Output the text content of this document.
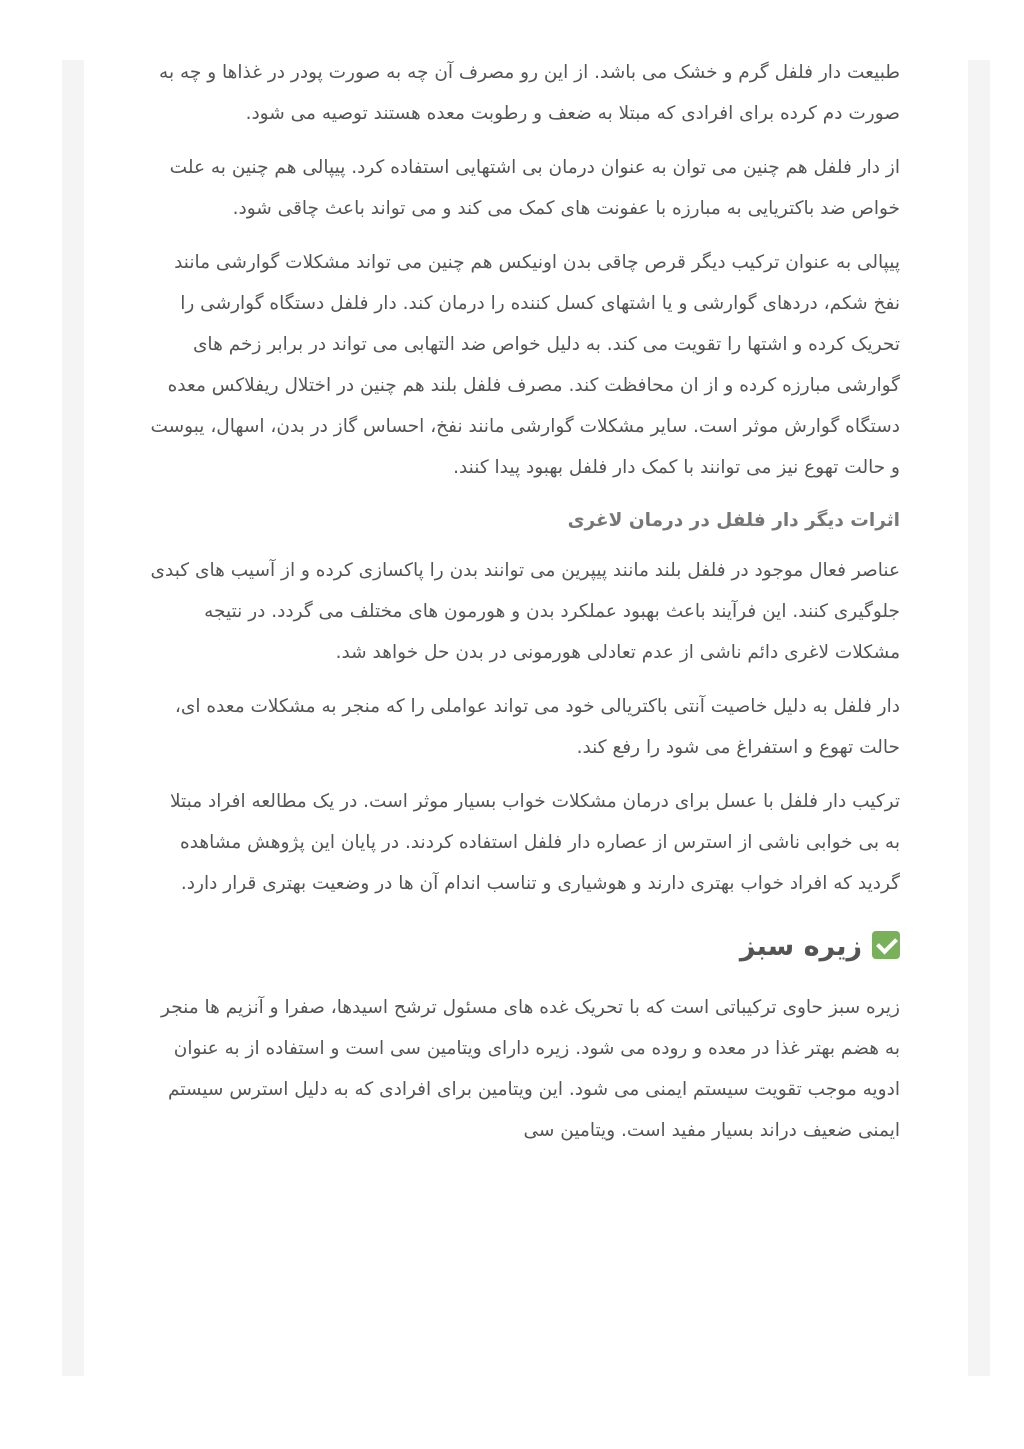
طبیعت دار فلفل گرم و خشک می باشد. از این رو مصرف آن چه به صورت پودر در غذاها و چه به صورت دم کرده برای افرادی که مبتلا به ضعف و رطوبت معده هستند توصیه می شود.

از دار فلفل هم چنین می توان به عنوان درمان بی اشتهایی استفاده کرد. پیپالی هم چنین به علت خواص ضد باکتریایی به مبارزه با عفونت های کمک می کند و می تواند باعث چاقی شود.

پیپالی به عنوان ترکیب دیگر قرص چاقی بدن اونیکس هم چنین می تواند مشکلات گوارشی مانند نفخ شکم، دردهای گوارشی و یا اشتهای کسل کننده را درمان کند. دار فلفل دستگاه گوارشی را تحریک کرده و اشتها را تقویت می کند. به دلیل خواص ضد التهابی می تواند در برابر زخم های گوارشی مبارزه کرده و از ان محافظت کند. مصرف فلفل بلند هم چنین در اختلال ریفلاکس معده دستگاه گوارش موثر است. سایر مشکلات گوارشی مانند نفخ، احساس گاز در بدن، اسهال، یبوست و حالت تهوع نیز می توانند با کمک دار فلفل بهبود پیدا کنند.

اثرات دیگر دار فلفل در درمان لاغری

عناصر فعال موجود در فلفل بلند مانند پیپرین می توانند بدن را پاکسازی کرده و از آسیب های کبدی جلوگیری کنند. این فرآیند باعث بهبود عملکرد بدن و هورمون های مختلف می گردد. در نتیجه مشکلات لاغری دائم ناشی از عدم تعادلی هورمونی در بدن حل خواهد شد.

دار فلفل به دلیل خاصیت آنتی باکتریالی خود می تواند عواملی را که منجر به مشکلات معده ای، حالت تهوع و استفراغ می شود را رفع کند.

ترکیب دار فلفل با عسل برای درمان مشکلات خواب بسیار موثر است. در یک مطالعه افراد مبتلا به بی خوابی ناشی از استرس از عصاره دار فلفل استفاده کردند. در پایان این پژوهش مشاهده گردید که افراد خواب بهتری دارند و هوشیاری و تناسب اندام آن ها در وضعیت بهتری قرار دارد.

زیره سبز

زیره سبز حاوی ترکیباتی است که با تحریک غده های مسئول ترشح اسیدها، صفرا و آنزیم ها منجر به هضم بهتر غذا در معده و روده می شود. زیره دارای ویتامین سی است و استفاده از به عنوان ادویه موجب تقویت سیستم ایمنی می شود. این ویتامین برای افرادی که به دلیل استرس سیستم ایمنی ضعیف دراند بسیار مفید است. ویتامین سی
